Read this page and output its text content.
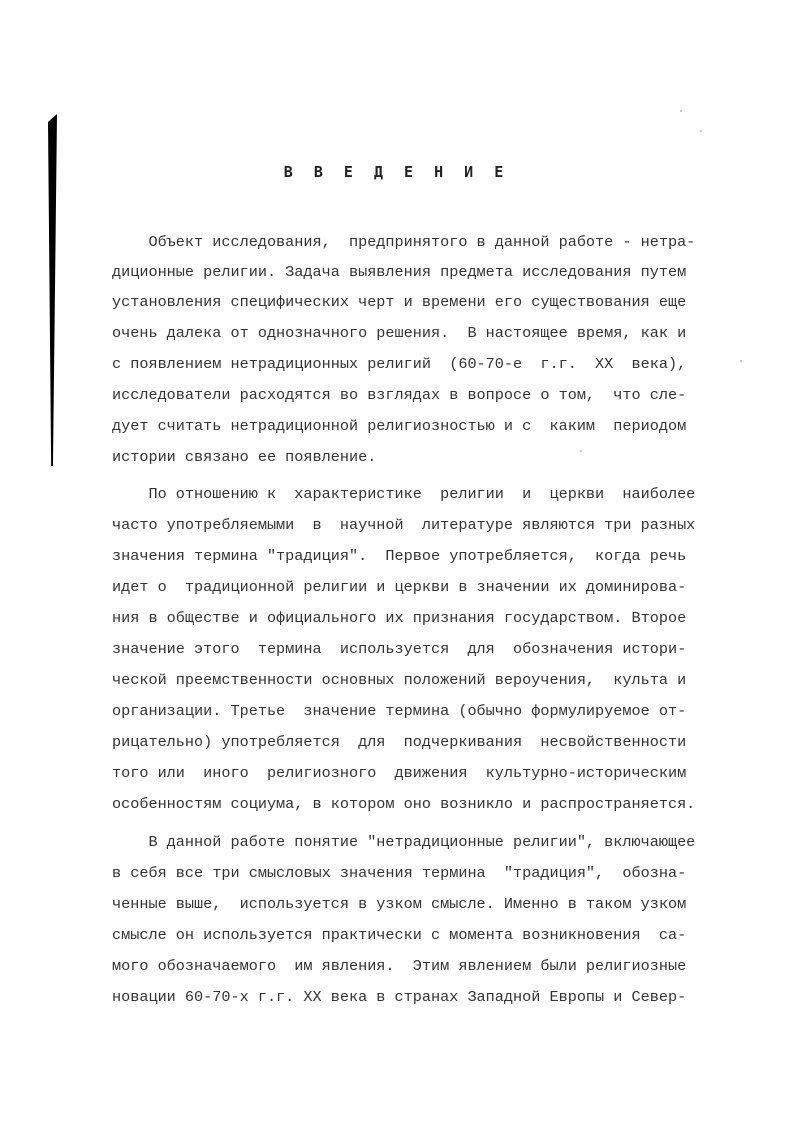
В В Е Д Е Н И Е
Объект исследования,  предпринятого в данной работе - нетра-
диционные религии. Задача выявления предмета исследования путем
установления специфических черт и времени его существования еще
очень далека от однозначного решения.  В настоящее время, как и
с появлением нетрадиционных религий  (60-70-е  г.г.  XX  века),
исследователи расходятся во взглядах в вопросе о том,  что сле-
дует считать нетрадиционной религиозностью и с  каким  периодом
истории связано ее появление.
По отношению к  характеристике  религии  и  церкви  наиболее
часто употребляемыми  в  научной  литературе являются три разных
значения термина "традиция".  Первое употребляется,  когда речь
идет о  традиционной религии и церкви в значении их доминирова-
ния в обществе и официального их признания государством. Второе
значение этого  термина  используется  для  обозначения истори-
ческой преемственности основных положений вероучения,  культа и
организации. Третье  значение термина (обычно формулируемое от-
рицательно) употребляется  для  подчеркивания  несвойственности
того или  иного  религиозного  движения  культурно-историческим
особенностям социума, в котором оно возникло и распространяется.
В данной работе понятие "нетрадиционные религии", включающее
в себя все три смысловых значения термина  "традиция",  обозна-
ченные выше,  используется в узком смысле. Именно в таком узком
смысле он используется практически с момента возникновения  са-
мого обозначаемого  им явления.  Этим явлением были религиозные
новации 60-70-х г.г. XX века в странах Западной Европы и Север-
